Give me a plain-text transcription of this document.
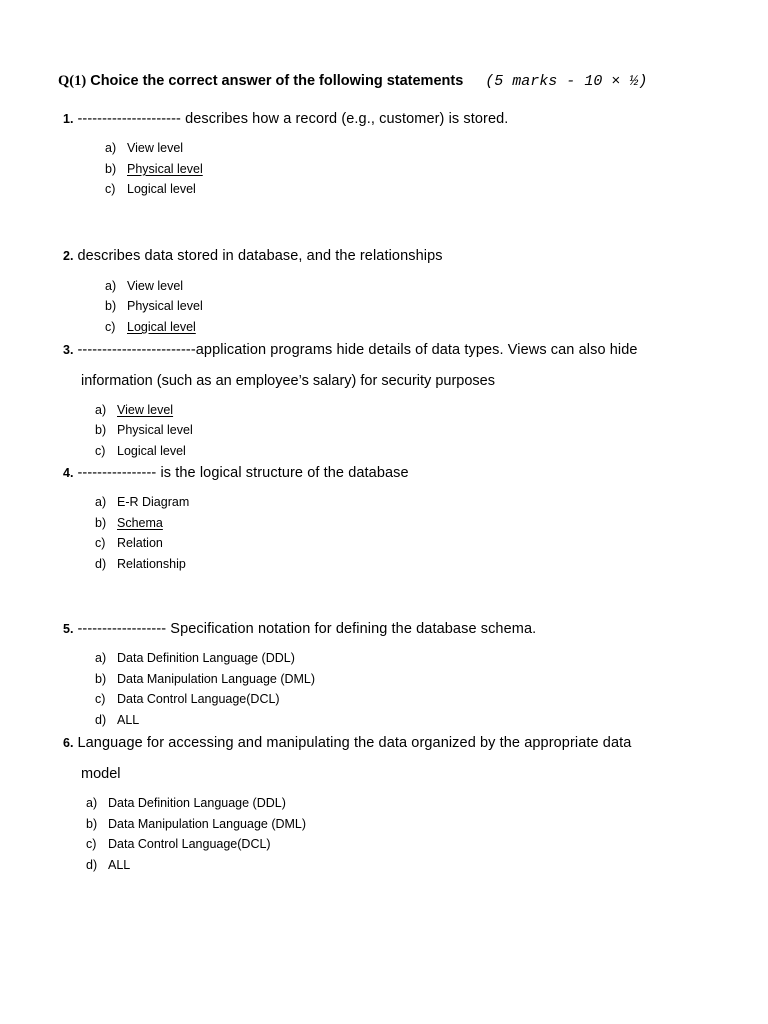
Q(1) Choice the correct answer of the following statements (5 marks - 10 × ½)
1. --------------------- describes how a record (e.g., customer) is stored.
a) View level
b) Physical level
c) Logical level
2. describes data stored in database, and the relationships
a) View level
b) Physical level
c) Logical level
3. ------------------------application programs hide details of data types. Views can also hide
information (such as an employee’s salary) for security purposes
a) View level
b) Physical level
c) Logical level
4. ---------------- is the logical structure of the database
a) E-R Diagram
b) Schema
c) Relation
d) Relationship
5. ------------------ Specification notation for defining the database schema.
a) Data Definition Language (DDL)
b) Data Manipulation Language (DML)
c) Data Control Language(DCL)
d) ALL
6. Language for accessing and manipulating the data organized by the appropriate data
model
a) Data Definition Language (DDL)
b) Data Manipulation Language (DML)
c) Data Control Language(DCL)
d) ALL
